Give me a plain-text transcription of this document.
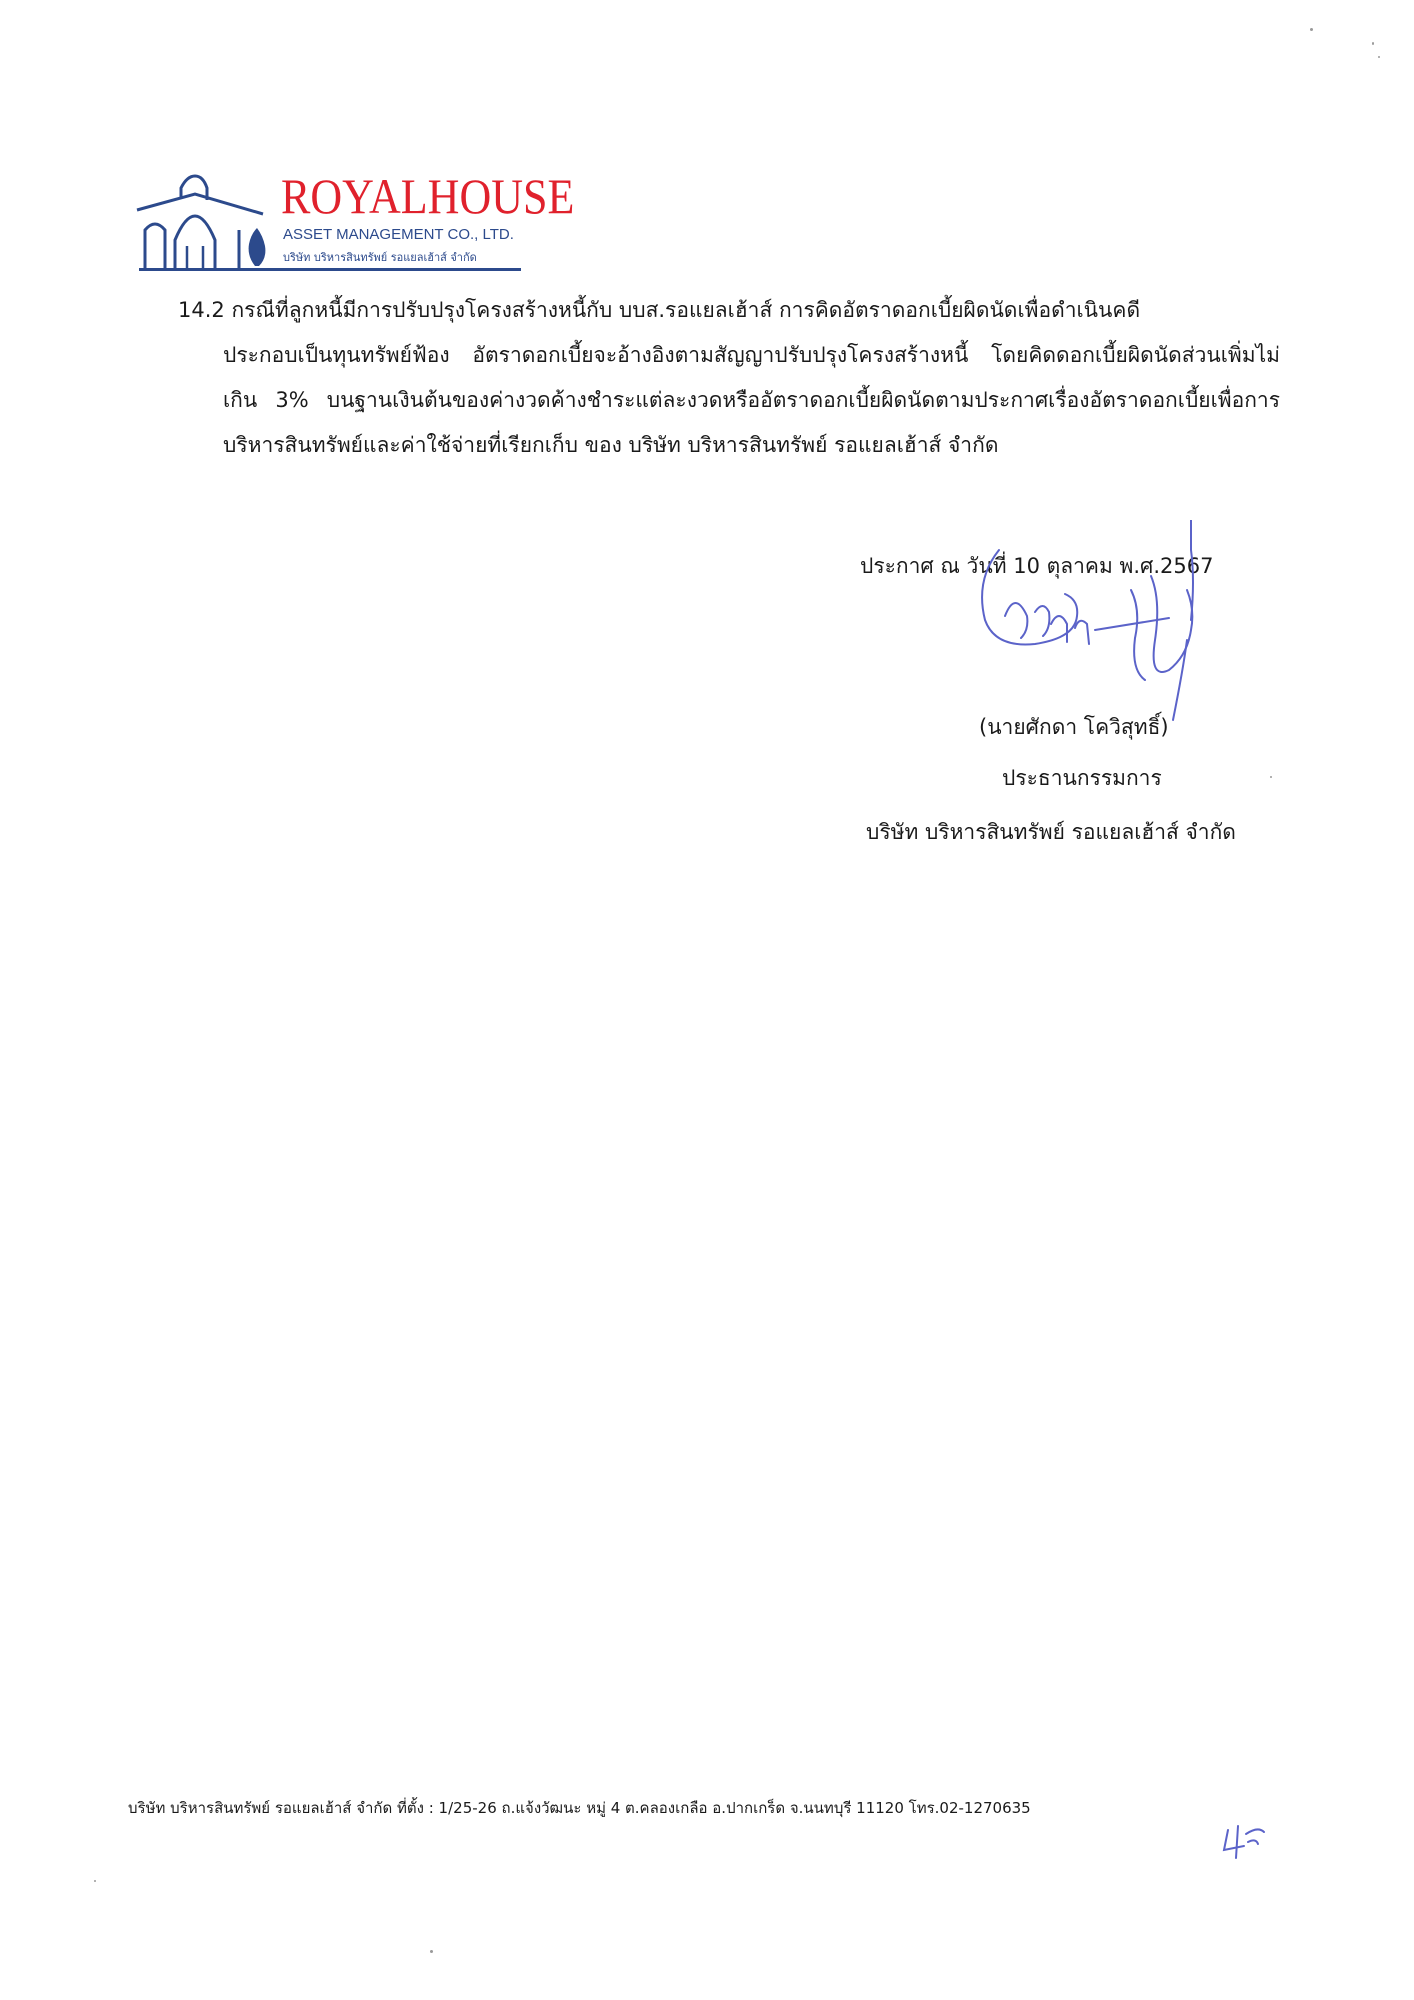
ROYALHOUSE
ASSET MANAGEMENT CO., LTD.
บริษัท บริหารสินทรัพย์ รอแยลเฮ้าส์ จำกัด
14.2 กรณีที่ลูกหนี้มีการปรับปรุงโครงสร้างหนี้กับ บบส.รอแยลเฮ้าส์ การคิดอัตราดอกเบี้ยผิดนัดเพื่อดำเนินคดี
ประกอบเป็นทุนทรัพย์ฟ้อง อัตราดอกเบี้ยจะอ้างอิงตามสัญญาปรับปรุงโครงสร้างหนี้ โดยคิดดอกเบี้ยผิดนัดส่วนเพิ่มไม่เกิน 3% บนฐานเงินต้นของค่างวดค้างชำระแต่ละงวดหรืออัตราดอกเบี้ยผิดนัดตามประกาศเรื่องอัตราดอกเบี้ยเพื่อการบริหารสินทรัพย์และค่าใช้จ่ายที่เรียกเก็บ ของ บริษัท บริหารสินทรัพย์ รอแยลเฮ้าส์ จำกัด
ประกาศ ณ วันที่ 10 ตุลาคม พ.ศ.2567
(นายศักดา โควิสุทธิ์)
ประธานกรรมการ
บริษัท บริหารสินทรัพย์ รอแยลเฮ้าส์ จำกัด
บริษัท บริหารสินทรัพย์ รอแยลเฮ้าส์ จำกัด ที่ตั้ง : 1/25-26 ถ.แจ้งวัฒนะ หมู่ 4 ต.คลองเกลือ อ.ปากเกร็ด จ.นนทบุรี 11120 โทร.02-1270635
